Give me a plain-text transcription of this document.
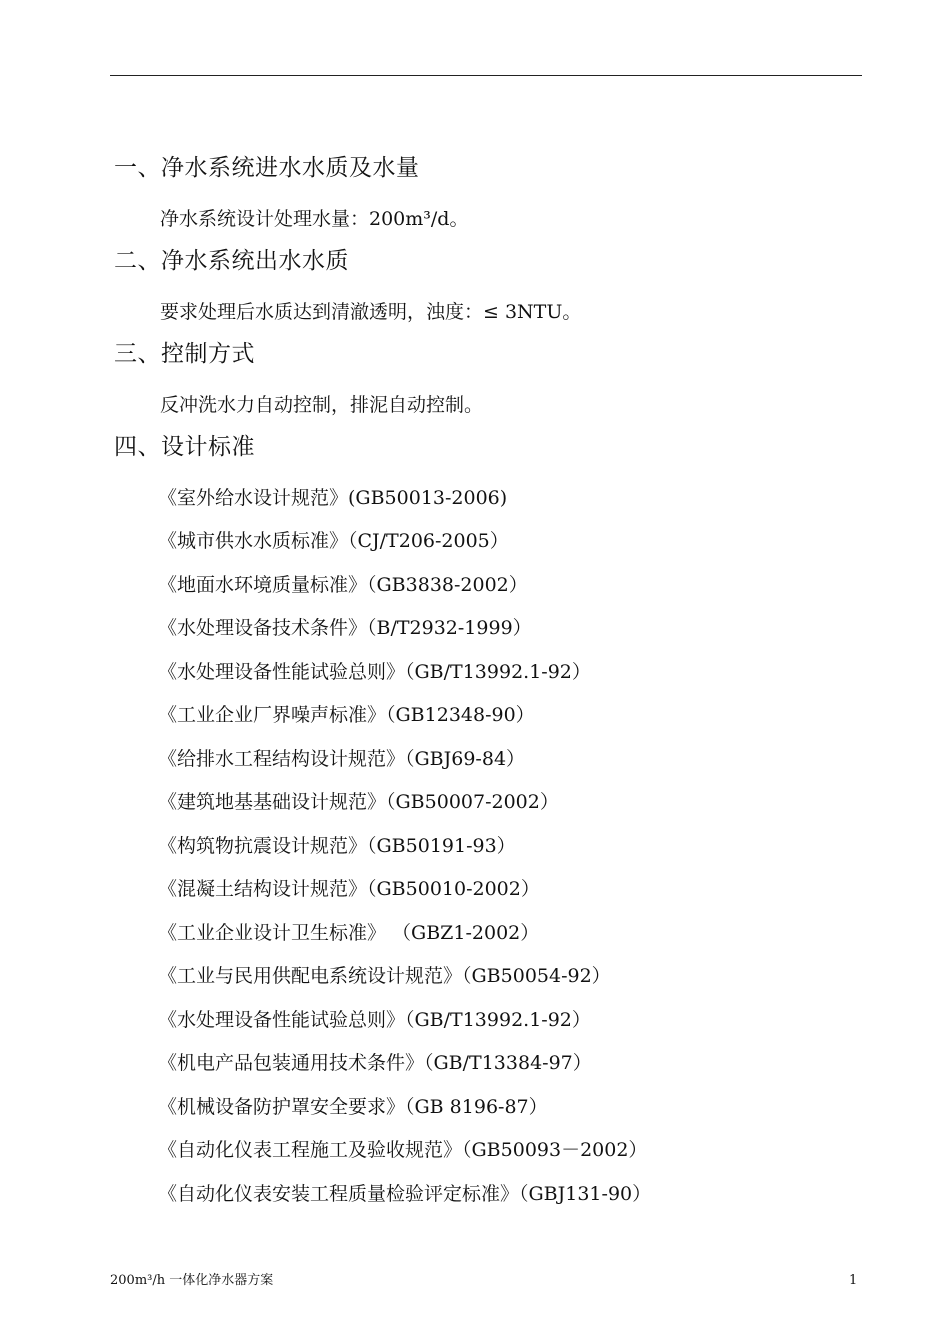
一、净水系统进水水质及水量
净水系统设计处理水量：200m³/d。
二、净水系统出水水质
要求处理后水质达到清澈透明，浊度：≤ 3NTU。
三、控制方式
反冲洗水力自动控制，排泥自动控制。
四、设计标准
《室外给水设计规范》(GB50013-2006)
《城市供水水质标准》（CJ/T206-2005）
《地面水环境质量标准》（GB3838-2002）
《水处理设备技术条件》（B/T2932-1999）
《水处理设备性能试验总则》（GB/T13992.1-92）
《工业企业厂界噪声标准》（GB12348-90）
《给排水工程结构设计规范》（GBJ69-84）
《建筑地基基础设计规范》（GB50007-2002）
《构筑物抗震设计规范》（GB50191-93）
《混凝土结构设计规范》（GB50010-2002）
《工业企业设计卫生标准》 （GBZ1-2002）
《工业与民用供配电系统设计规范》（GB50054-92）
《水处理设备性能试验总则》（GB/T13992.1-92）
《机电产品包装通用技术条件》（GB/T13384-97）
《机械设备防护罩安全要求》（GB 8196-87）
《自动化仪表工程施工及验收规范》（GB50093－2002）
《自动化仪表安装工程质量检验评定标准》（GBJ131-90）
200m³/h 一体化净水器方案	1
